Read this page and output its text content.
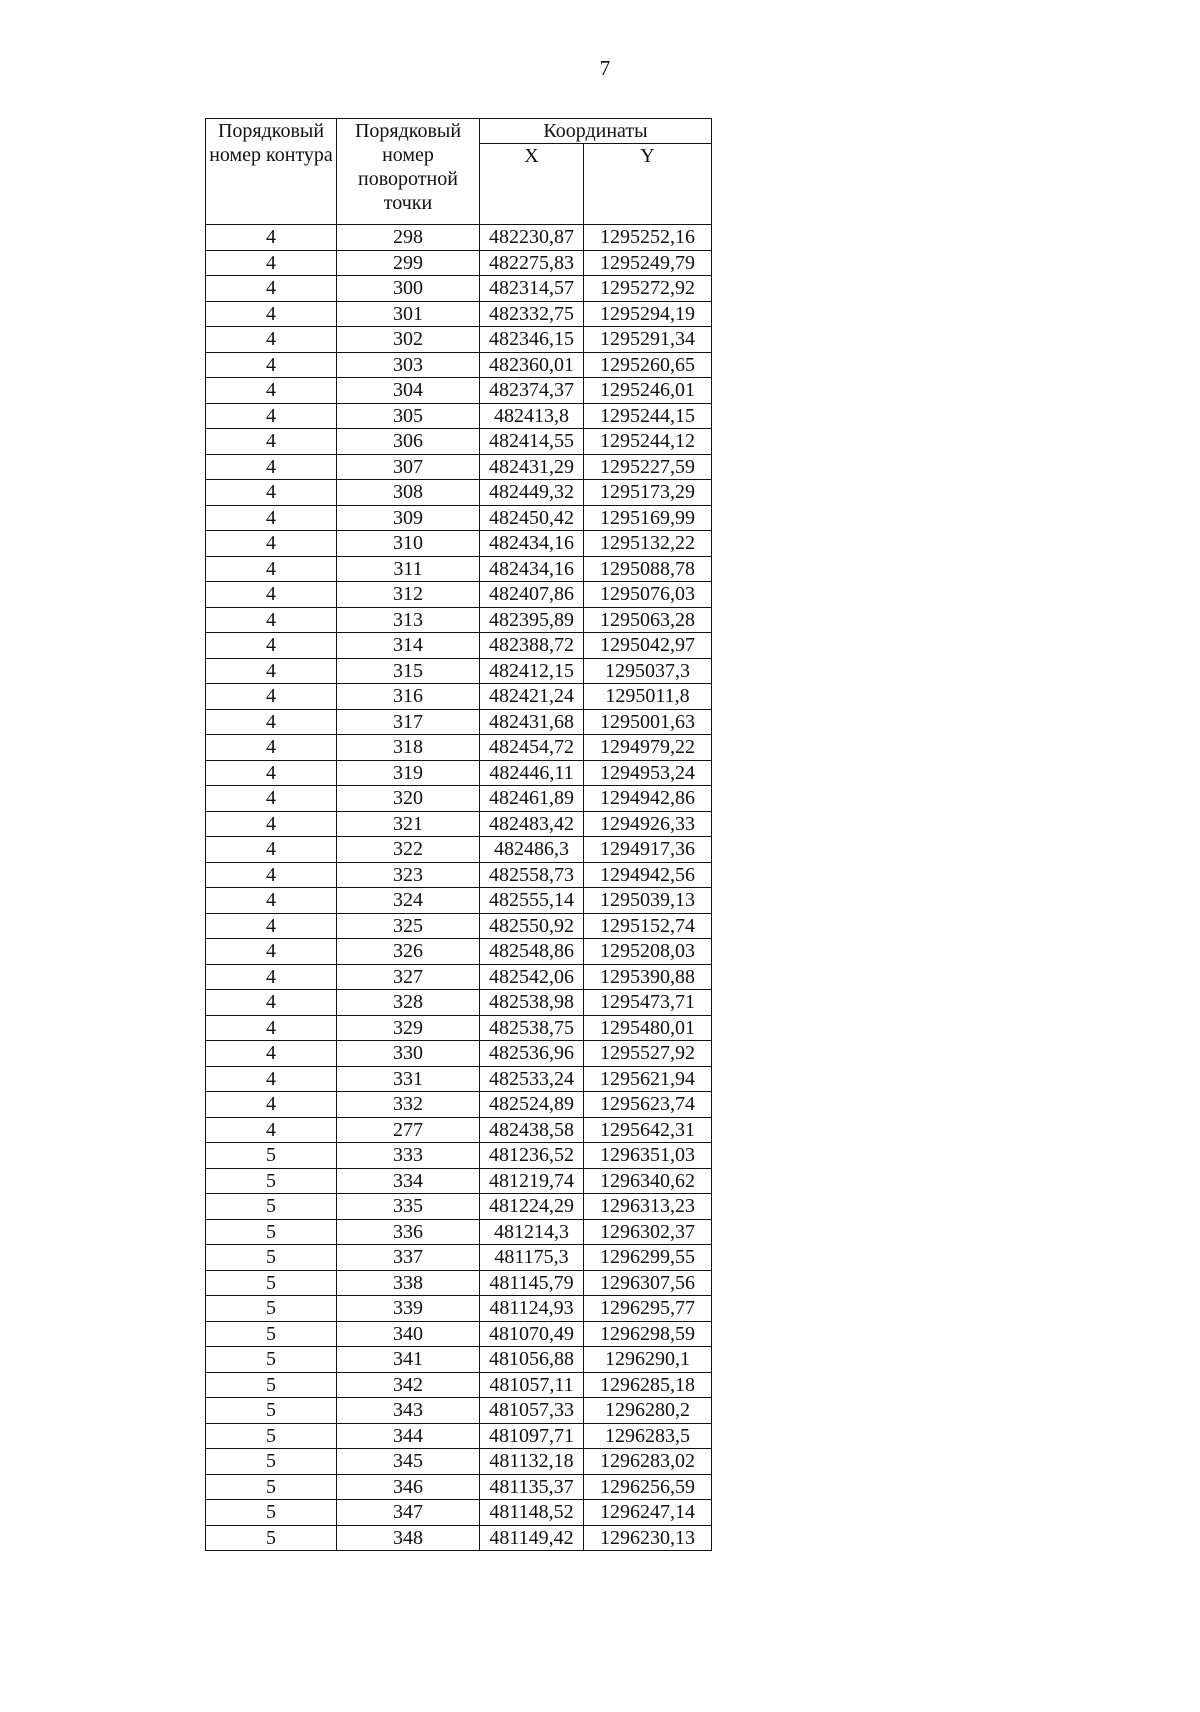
7
Порядковый
номер контура	Порядковый
номер
поворотной
точки	Координаты	
		X	Y
4	298	482230,87	1295252,16
4	299	482275,83	1295249,79
4	300	482314,57	1295272,92
4	301	482332,75	1295294,19
4	302	482346,15	1295291,34
4	303	482360,01	1295260,65
4	304	482374,37	1295246,01
4	305	482413,8	1295244,15
4	306	482414,55	1295244,12
4	307	482431,29	1295227,59
4	308	482449,32	1295173,29
4	309	482450,42	1295169,99
4	310	482434,16	1295132,22
4	311	482434,16	1295088,78
4	312	482407,86	1295076,03
4	313	482395,89	1295063,28
4	314	482388,72	1295042,97
4	315	482412,15	1295037,3
4	316	482421,24	1295011,8
4	317	482431,68	1295001,63
4	318	482454,72	1294979,22
4	319	482446,11	1294953,24
4	320	482461,89	1294942,86
4	321	482483,42	1294926,33
4	322	482486,3	1294917,36
4	323	482558,73	1294942,56
4	324	482555,14	1295039,13
4	325	482550,92	1295152,74
4	326	482548,86	1295208,03
4	327	482542,06	1295390,88
4	328	482538,98	1295473,71
4	329	482538,75	1295480,01
4	330	482536,96	1295527,92
4	331	482533,24	1295621,94
4	332	482524,89	1295623,74
4	277	482438,58	1295642,31
5	333	481236,52	1296351,03
5	334	481219,74	1296340,62
5	335	481224,29	1296313,23
5	336	481214,3	1296302,37
5	337	481175,3	1296299,55
5	338	481145,79	1296307,56
5	339	481124,93	1296295,77
5	340	481070,49	1296298,59
5	341	481056,88	1296290,1
5	342	481057,11	1296285,18
5	343	481057,33	1296280,2
5	344	481097,71	1296283,5
5	345	481132,18	1296283,02
5	346	481135,37	1296256,59
5	347	481148,52	1296247,14
5	348	481149,42	1296230,13
